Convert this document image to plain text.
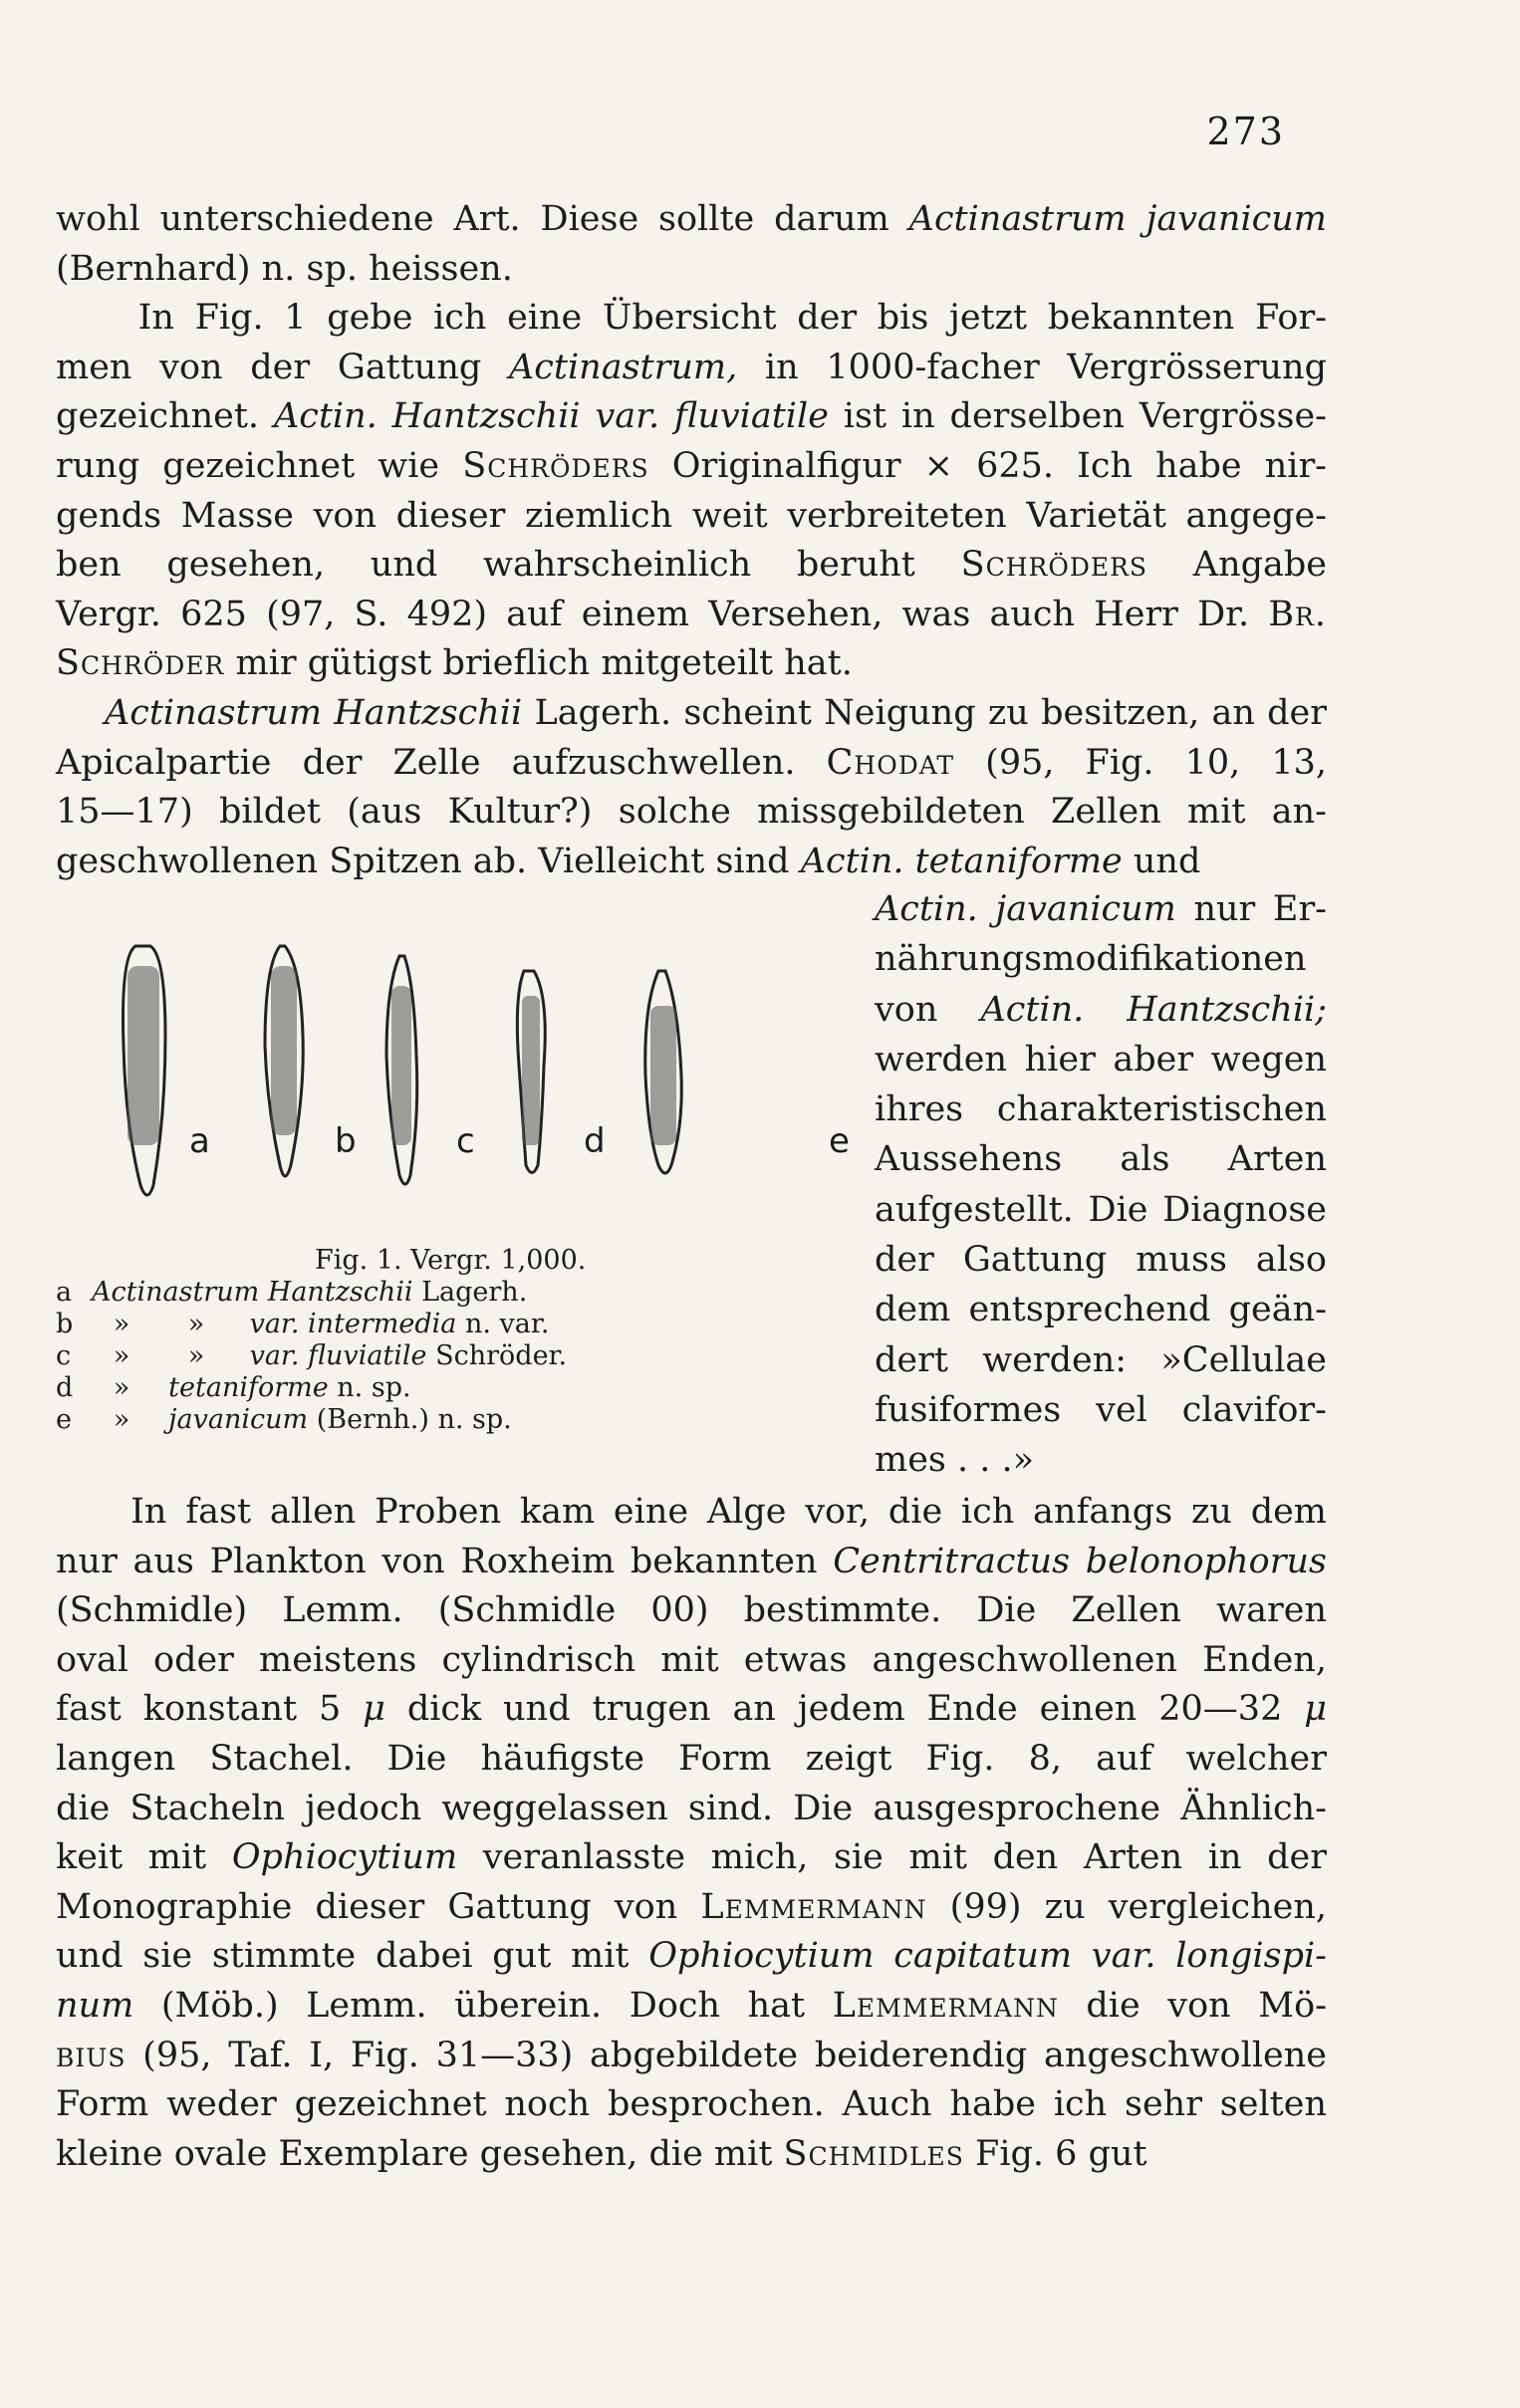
273
wohl unterschiedene Art. Diese sollte darum Actinastrum javanicum
(Bernhard) n. sp. heissen.
In Fig. 1 gebe ich eine Übersicht der bis jetzt bekannten For-
men von der Gattung Actinastrum, in 1000-facher Vergrösserung
gezeichnet. Actin. Hantzschii var. fluviatile ist in derselben Vergrösse-
rung gezeichnet wie Schröders Originalfigur × 625. Ich habe nir-
gends Masse von dieser ziemlich weit verbreiteten Varietät angege-
ben gesehen, und wahrscheinlich beruht Schröders Angabe
Vergr. 625 (97, S. 492) auf einem Versehen, was auch Herr Dr. Br.
Schröder mir gütigst brieflich mitgeteilt hat.
Actinastrum Hantzschii Lagerh. scheint Neigung zu besitzen, an der
Apicalpartie der Zelle aufzuschwellen. Chodat (95, Fig. 10, 13,
15—17) bildet (aus Kultur?) solche missgebildeten Zellen mit an-
geschwollenen Spitzen ab. Vielleicht sind Actin. tetaniforme und
Actin. javanicum nur Er-
nährungsmodifikationen
von Actin. Hantzschii;
werden hier aber wegen
ihres charakteristischen
Aussehens als Arten
aufgestellt. Die Diagnose
der Gattung muss also
dem entsprechend geän-
dert werden: »Cellulae
fusiformes vel clavifor-
mes . . .»
a	b	c	d	e
Fig. 1. Vergr. 1,000.
a Actinastrum Hantzschii Lagerh.
b	»	»	var. intermedia n. var.
c	»	»	var. fluviatile Schröder.
d	» tetaniforme n. sp.
e	» javanicum (Bernh.) n. sp.
In fast allen Proben kam eine Alge vor, die ich anfangs zu dem
nur aus Plankton von Roxheim bekannten Centritractus belonophorus
(Schmidle) Lemm. (Schmidle 00) bestimmte. Die Zellen waren
oval oder meistens cylindrisch mit etwas angeschwollenen Enden,
fast konstant 5 μ dick und trugen an jedem Ende einen 20—32 μ
langen Stachel. Die häufigste Form zeigt Fig. 8, auf welcher
die Stacheln jedoch weggelassen sind. Die ausgesprochene Ähnlich-
keit mit Ophiocytium veranlasste mich, sie mit den Arten in der
Monographie dieser Gattung von Lemmermann (99) zu vergleichen,
und sie stimmte dabei gut mit Ophiocytium capitatum var. longispi-
num (Möb.) Lemm. überein. Doch hat Lemmermann die von Mö-
bius (95, Taf. I, Fig. 31—33) abgebildete beiderendig angeschwollene
Form weder gezeichnet noch besprochen. Auch habe ich sehr selten
kleine ovale Exemplare gesehen, die mit Schmidles Fig. 6 gut
